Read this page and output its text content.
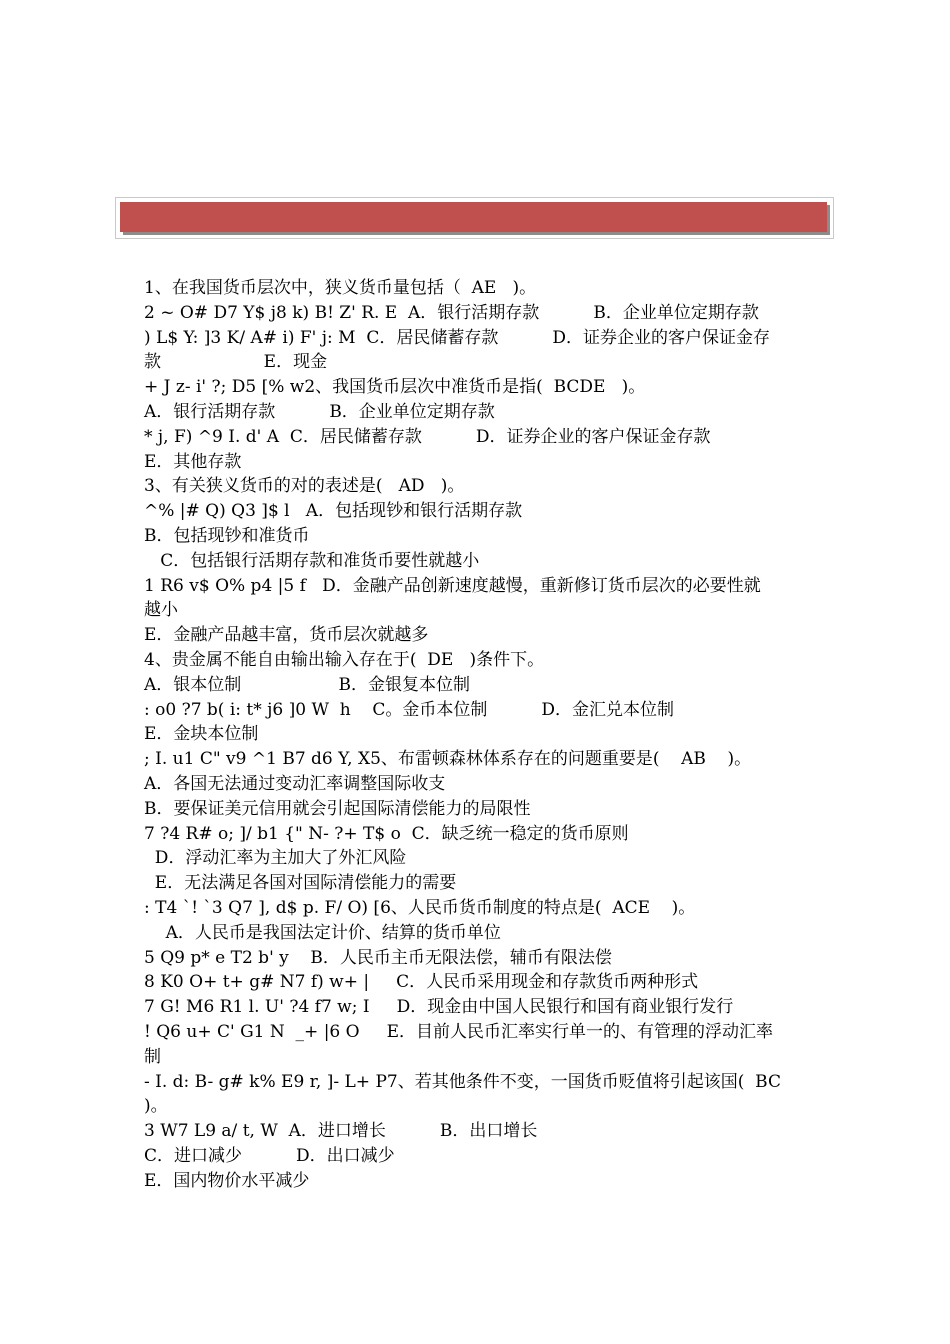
1、在我国货币层次中，狭义货币量包括（  AE   )。
2 ~ O# D7 Y$ j8 k) B! Z' R. E  A．银行活期存款          B．企业单位定期存款
) L$ Y: ]3 K/ A# i) F' j: M  C．居民储蓄存款          D．证券企业的客户保证金存
款                   E．现金
+ J z- i' ?; D5 [% w2、我国货币层次中准货币是指(  BCDE   )。
A．银行活期存款          B．企业单位定期存款
* j, F) ^9 I. d' A  C．居民储蓄存款          D．证券企业的客户保证金存款
E．其他存款
3、有关狭义货币的对的表述是(   AD   )。
^% |# Q) Q3 ]$ l   A．包括现钞和银行活期存款
B．包括现钞和准货币
C．包括银行活期存款和准货币要性就越小
1 R6 v$ O% p4 |5 f   D．金融产品创新速度越慢，重新修订货币层次的必要性就
越小
E．金融产品越丰富，货币层次就越多
4、贵金属不能自由输出输入存在于(  DE   )条件下。
A．银本位制                  B．金银复本位制
: o0 ?7 b( i: t* j6 ]0 W  h    C。金币本位制          D．金汇兑本位制
E．金块本位制
; I. u1 C" v9 ^1 B7 d6 Y, X5、布雷顿森林体系存在的问题重要是(    AB    )。
A．各国无法通过变动汇率调整国际收支
B．要保证美元信用就会引起国际清偿能力的局限性
7 ?4 R# o; ]/ b1 {" N- ?+ T$ o  C．缺乏统一稳定的货币原则
D．浮动汇率为主加大了外汇风险
E．无法满足各国对国际清偿能力的需要
: T4 `! `3 Q7 ], d$ p. F/ O) [6、人民币货币制度的特点是(  ACE    )。
A．人民币是我国法定计价、结算的货币单位
5 Q9 p* e T2 b' y    B．人民币主币无限法偿，辅币有限法偿
8 K0 O+ t+ g# N7 f) w+ |     C．人民币采用现金和存款货币两种形式
7 G! M6 R1 l. U' ?4 f7 w; I     D．现金由中国人民银行和国有商业银行发行
! Q6 u+ C' G1 N  _+ |6 O     E．目前人民币汇率实行单一的、有管理的浮动汇率
制
- I. d: B- g# k% E9 r, ]- L+ P7、若其他条件不变，一国货币贬值将引起该国(  BC
)。
3 W7 L9 a/ t, W  A．进口增长          B．出口增长
C．进口减少          D．出口减少
E．国内物价水平减少
